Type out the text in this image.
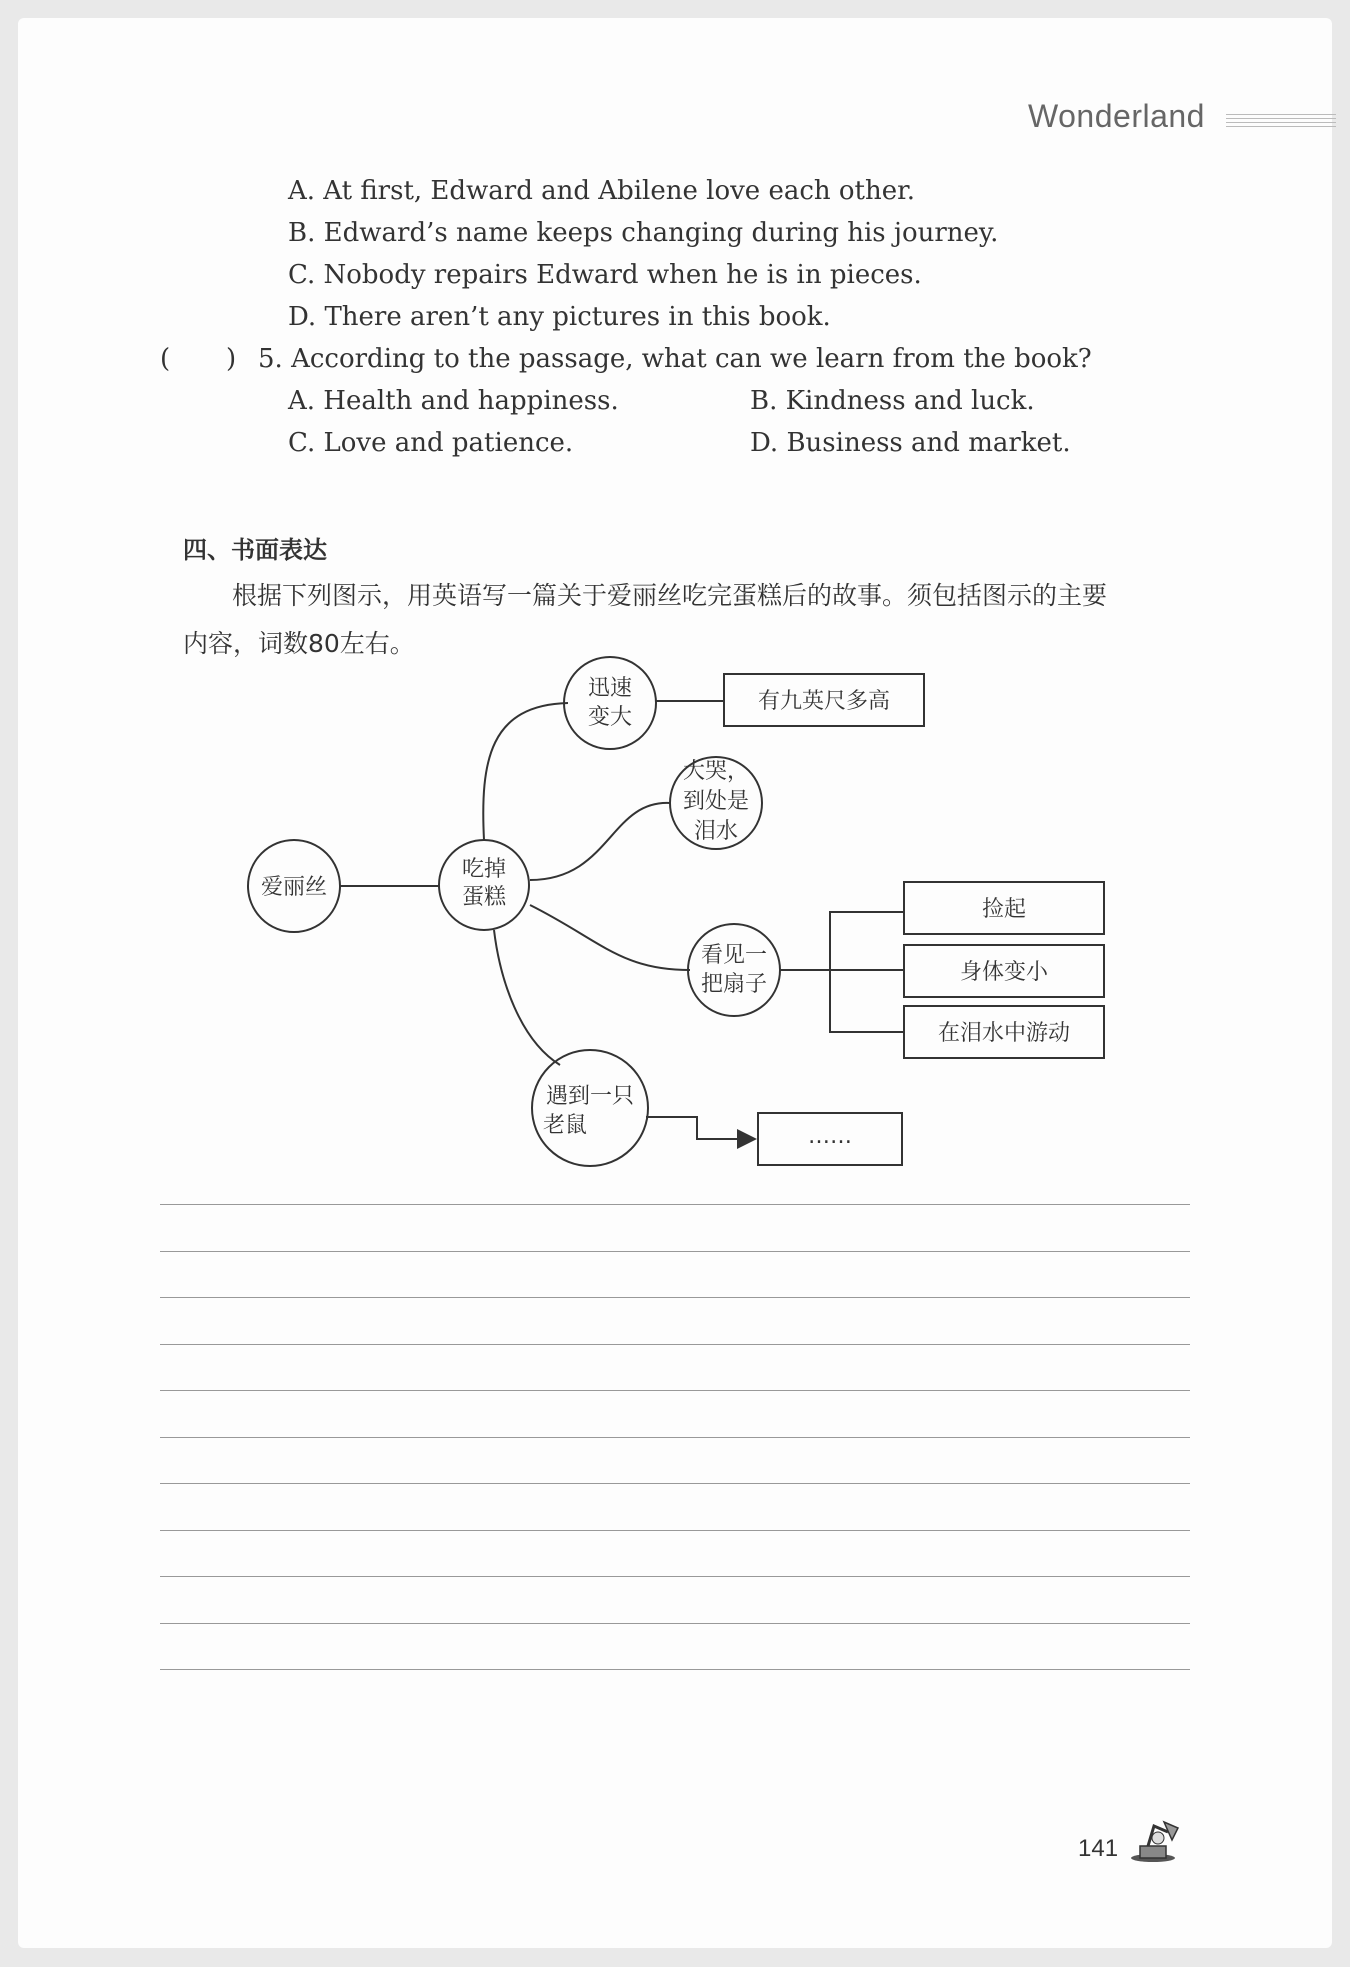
Wonderland
A. At first, Edward and Abilene love each other.
B. Edward’s name keeps changing during his journey.
C. Nobody repairs Edward when he is in pieces.
D. There aren’t any pictures in this book.
( ) 5. According to the passage, what can we learn from the book?
A. Health and happiness.	B. Kindness and luck.
C. Love and patience.	D. Business and market.
四、书面表达
根据下列图示，用英语写一篇关于爱丽丝吃完蛋糕后的故事。须包括图示的主要
内容，词数80左右。
爱丽丝
吃掉
蛋糕
迅速
变大
有九英尺多高
大哭，
到处是
泪水
看见一
把扇子
捡起
身体变小
在泪水中游动
遇到一只
老鼠	……
141
